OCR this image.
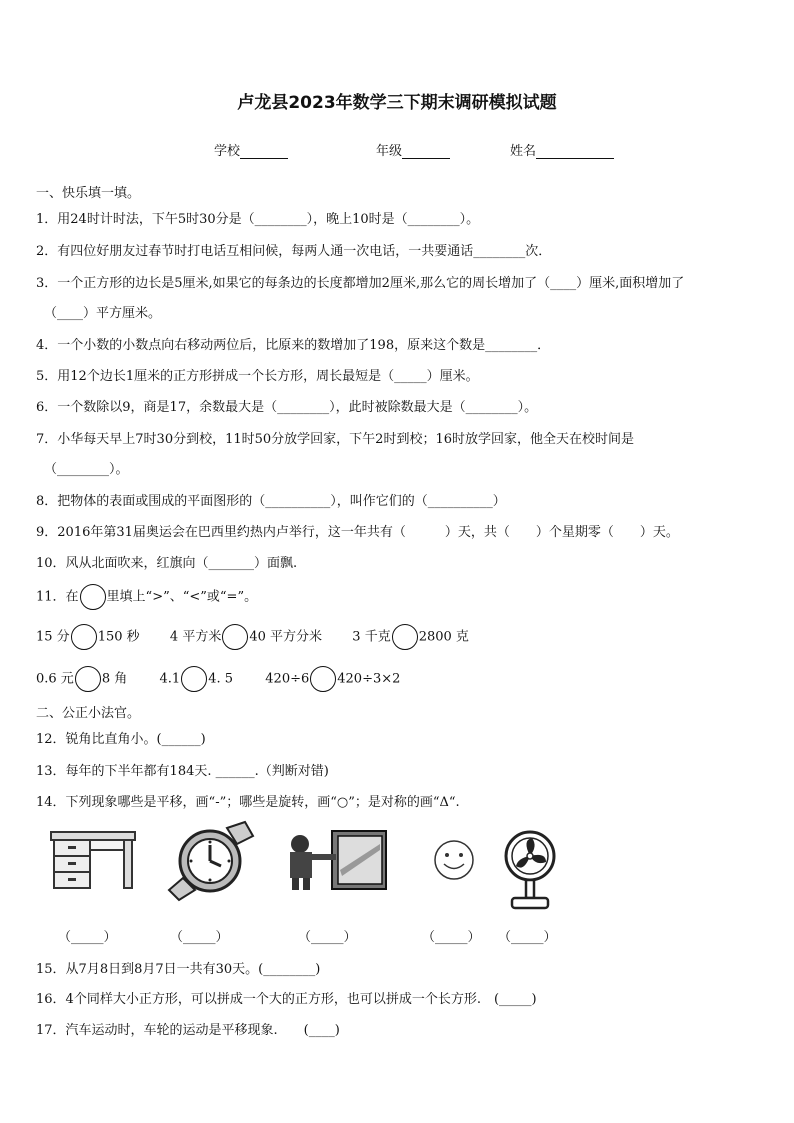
卢龙县2023年数学三下期末调研模拟试题
学校	年级	姓名
一、快乐填一填。
1．用24时计时法，下午5时30分是（________），晚上10时是（________）。
2．有四位好朋友过春节时打电话互相问候，每两人通一次电话，一共要通话________次．
3．一个正方形的边长是5厘米,如果它的每条边的长度都增加2厘米,那么它的周长增加了（____）厘米,面积增加了
（____）平方厘米。
4．一个小数的小数点向右移动两位后，比原来的数增加了198，原来这个数是________．
5．用12个边长1厘米的正方形拼成一个长方形，周长最短是（_____）厘米。
6．一个数除以9，商是17，余数最大是（________），此时被除数最大是（________）。
7．小华每天早上7时30分到校，11时50分放学回家，下午2时到校；16时放学回家，他全天在校时间是
（________）。
8．把物体的表面或围成的平面图形的（__________），叫作它们的（__________）
9．2016年第31届奥运会在巴西里约热内卢举行，这一年共有（　　　）天，共（　　）个星期零（　　）天。
10．风从北面吹来，红旗向（_______）面飘.
11．在 里填上“>”、“<”或“=”。
15 分 150 秒 4 平方米 40 平方分米 3 千克 2800 克
0.6 元 8 角 4.1 4. 5 420÷6 420÷3×2
二、公正小法官。
12．锐角比直角小。(______)
13．每年的下半年都有184天. ______.（判断对错)
14．下列现象哪些是平移，画“-”；哪些是旋转，画“○”；是对称的画“Δ“.
（_____）	（_____）	（_____）	（_____） （_____）
15．从7月8日到8月7日一共有30天。(________)
16．4个同样大小正方形，可以拼成一个大的正方形，也可以拼成一个长方形.　(_____)
17．汽车运动时，车轮的运动是平移现象.　　(____)
